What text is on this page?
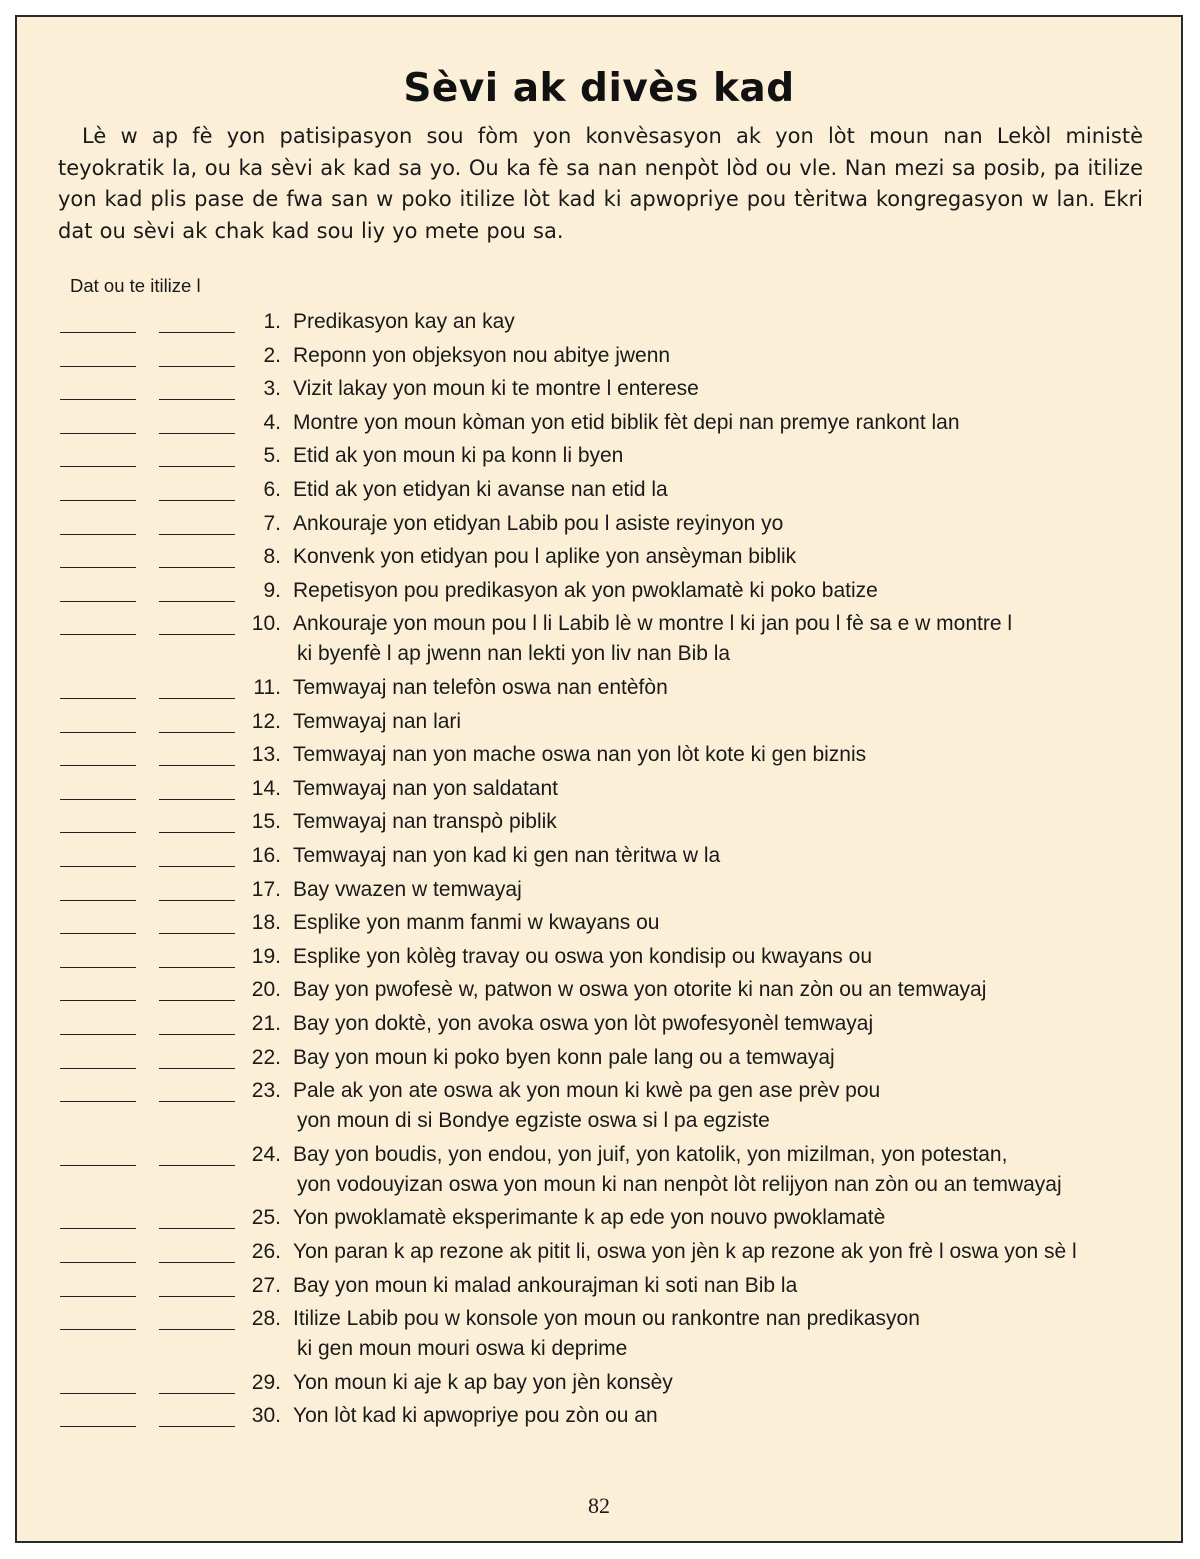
Sèvi ak divès kad

Lè w ap fè yon patisipasyon sou fòm yon konvèsasyon ak yon lòt moun nan Lekòl ministè teyokratik la, ou ka sèvi ak kad sa yo. Ou ka fè sa nan nenpòt lòd ou vle. Nan mezi sa posib, pa itilize yon kad plis pase de fwa san w poko itilize lòt kad ki apwopriye pou tèritwa kongregasyon w lan. Ekri dat ou sèvi ak chak kad sou liy yo mete pou sa.

Dat ou te itilize l
1. Predikasyon kay an kay
2. Reponn yon objeksyon nou abitye jwenn
3. Vizit lakay yon moun ki te montre l enterese
4. Montre yon moun kòman yon etid biblik fèt depi nan premye rankont lan
5. Etid ak yon moun ki pa konn li byen
6. Etid ak yon etidyan ki avanse nan etid la
7. Ankouraje yon etidyan Labib pou l asiste reyinyon yo
8. Konvenk yon etidyan pou l aplike yon ansèyman biblik
9. Repetisyon pou predikasyon ak yon pwoklamatè ki poko batize
10. Ankouraje yon moun pou l li Labib lè w montre l ki jan pou l fè sa e w montre l
ki byenfè l ap jwenn nan lekti yon liv nan Bib la
11. Temwayaj nan telefòn oswa nan entèfòn
12. Temwayaj nan lari
13. Temwayaj nan yon mache oswa nan yon lòt kote ki gen biznis
14. Temwayaj nan yon saldatant
15. Temwayaj nan transpò piblik
16. Temwayaj nan yon kad ki gen nan tèritwa w la
17. Bay vwazen w temwayaj
18. Esplike yon manm fanmi w kwayans ou
19. Esplike yon kòlèg travay ou oswa yon kondisip ou kwayans ou
20. Bay yon pwofesè w, patwon w oswa yon otorite ki nan zòn ou an temwayaj
21. Bay yon doktè, yon avoka oswa yon lòt pwofesyonèl temwayaj
22. Bay yon moun ki poko byen konn pale lang ou a temwayaj
23. Pale ak yon ate oswa ak yon moun ki kwè pa gen ase prèv pou
yon moun di si Bondye egziste oswa si l pa egziste
24. Bay yon boudis, yon endou, yon juif, yon katolik, yon mizilman, yon potestan,
yon vodouyizan oswa yon moun ki nan nenpòt lòt relijyon nan zòn ou an temwayaj
25. Yon pwoklamatè eksperimante k ap ede yon nouvo pwoklamatè
26. Yon paran k ap rezone ak pitit li, oswa yon jèn k ap rezone ak yon frè l oswa yon sè l
27. Bay yon moun ki malad ankourajman ki soti nan Bib la
28. Itilize Labib pou w konsole yon moun ou rankontre nan predikasyon
ki gen moun mouri oswa ki deprime
29. Yon moun ki aje k ap bay yon jèn konsèy
30. Yon lòt kad ki apwopriye pou zòn ou an
82
